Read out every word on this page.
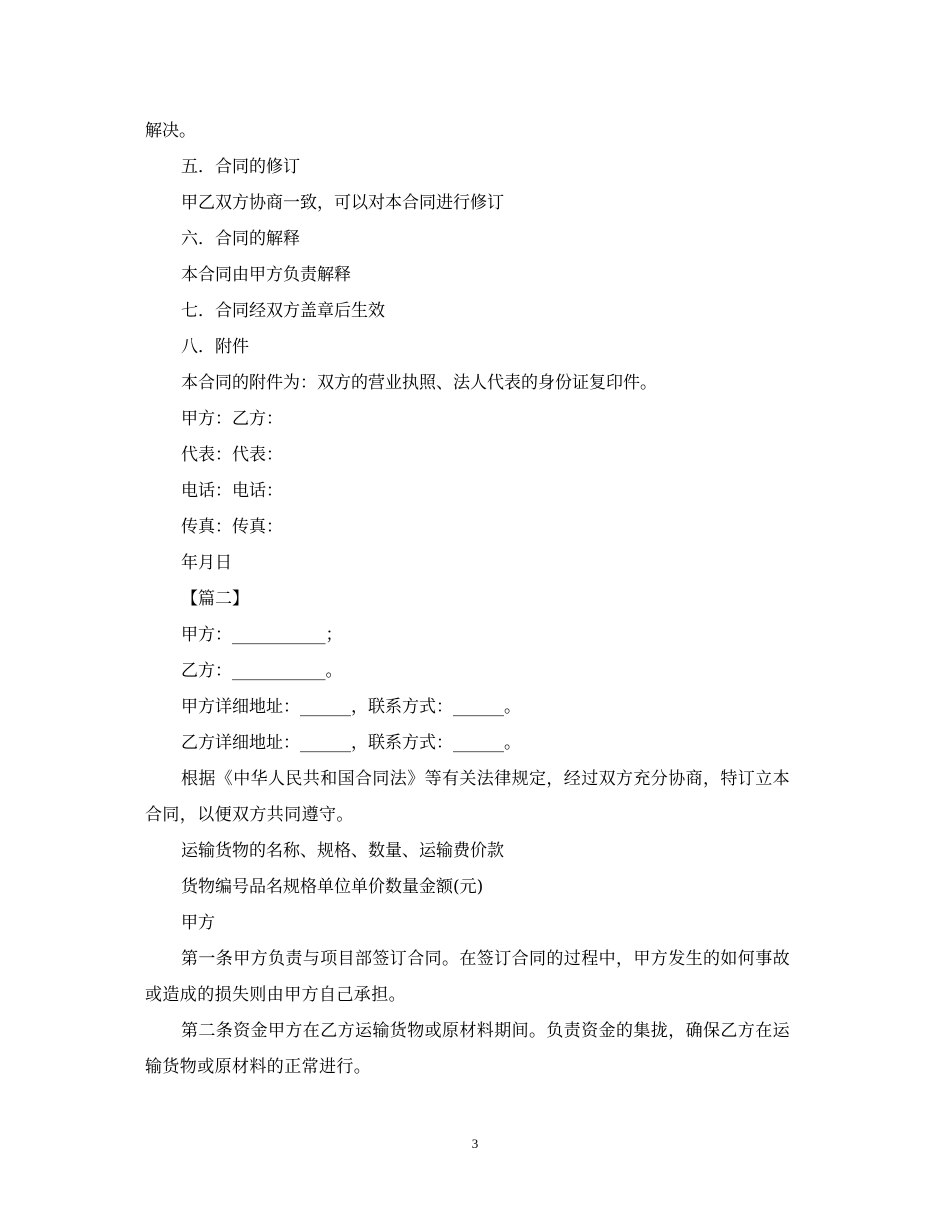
解决。

五．合同的修订

甲乙双方协商一致，可以对本合同进行修订

六．合同的解释

本合同由甲方负责解释

七．合同经双方盖章后生效

八．附件

本合同的附件为：双方的营业执照、法人代表的身份证复印件。

甲方：乙方：

代表：代表：

电话：电话：

传真：传真：

年月日

【篇二】

甲方：___________；

乙方：___________。

甲方详细地址：______，联系方式：______。

乙方详细地址：______，联系方式：______。

根据《中华人民共和国合同法》等有关法律规定，经过双方充分协商，特订立本合同，以便双方共同遵守。

运输货物的名称、规格、数量、运输费价款

货物编号品名规格单位单价数量金额(元)

甲方

第一条甲方负责与项目部签订合同。在签订合同的过程中，甲方发生的如何事故或造成的损失则由甲方自己承担。

第二条资金甲方在乙方运输货物或原材料期间。负责资金的集拢，确保乙方在运输货物或原材料的正常进行。

3
